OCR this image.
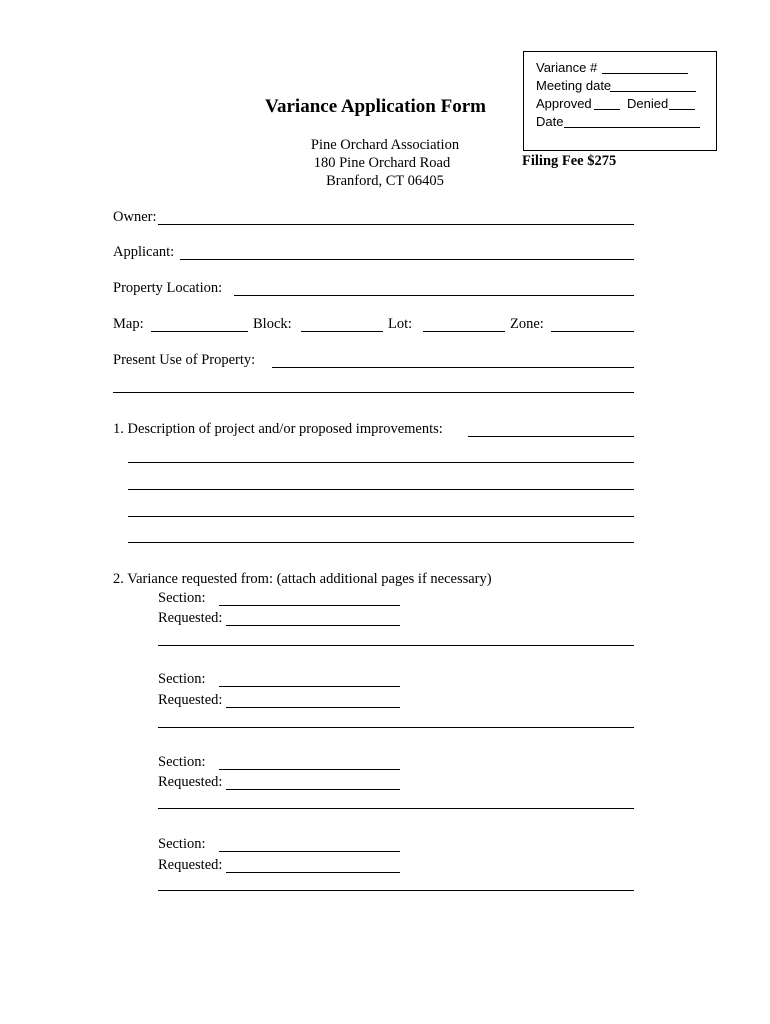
Variance #
Meeting date
Approved	Denied
Date
Variance Application Form
Pine Orchard Association
180 Pine Orchard Road
Branford, CT 06405
Filing Fee $275
Owner:
Applicant:
Property Location:
Map:	Block:	Lot:	Zone:
Present Use of Property:
1. Description of project and/or proposed improvements:
2. Variance requested from: (attach additional pages if necessary)
Section:
Requested:
Section:
Requested:
Section:
Requested:
Section:
Requested:
